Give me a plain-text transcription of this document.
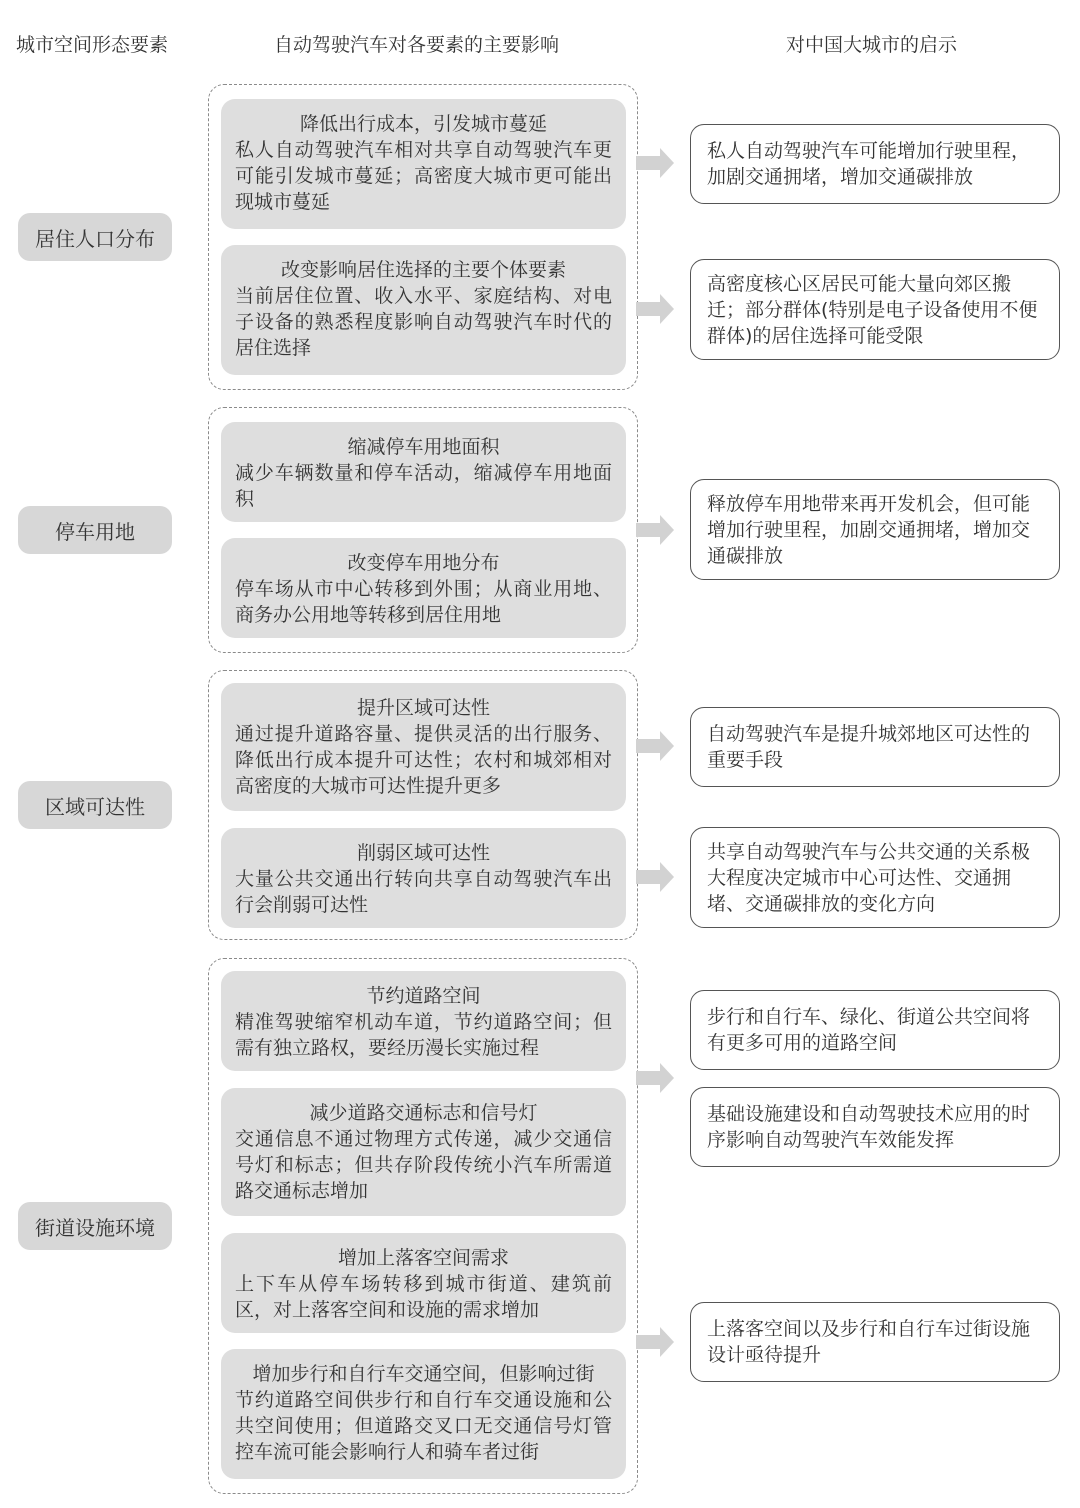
城市空间形态要素	自动驾驶汽车对各要素的主要影响	对中国大城市的启示
居住人口分布
停车用地
区域可达性
街道设施环境
降低出行成本，引发城市蔓延
私人自动驾驶汽车相对共享自动驾驶汽车更可能引发城市蔓延；高密度大城市更可能出现城市蔓延
改变影响居住选择的主要个体要素
当前居住位置、收入水平、家庭结构、对电子设备的熟悉程度影响自动驾驶汽车时代的居住选择
缩减停车用地面积
减少车辆数量和停车活动，缩减停车用地面积
改变停车用地分布
停车场从市中心转移到外围；从商业用地、商务办公用地等转移到居住用地
提升区域可达性
通过提升道路容量、提供灵活的出行服务、降低出行成本提升可达性；农村和城郊相对高密度的大城市可达性提升更多
削弱区域可达性
大量公共交通出行转向共享自动驾驶汽车出行会削弱可达性
节约道路空间
精准驾驶缩窄机动车道，节约道路空间；但需有独立路权，要经历漫长实施过程
减少道路交通标志和信号灯
交通信息不通过物理方式传递，减少交通信号灯和标志；但共存阶段传统小汽车所需道路交通标志增加
增加上落客空间需求
上下车从停车场转移到城市街道、建筑前区，对上落客空间和设施的需求增加
增加步行和自行车交通空间，但影响过街
节约道路空间供步行和自行车交通设施和公共空间使用；但道路交叉口无交通信号灯管控车流可能会影响行人和骑车者过街
私人自动驾驶汽车可能增加行驶里程，加剧交通拥堵，增加交通碳排放
高密度核心区居民可能大量向郊区搬迁；部分群体(特别是电子设备使用不便群体)的居住选择可能受限
释放停车用地带来再开发机会，但可能增加行驶里程，加剧交通拥堵，增加交通碳排放
自动驾驶汽车是提升城郊地区可达性的重要手段
共享自动驾驶汽车与公共交通的关系极大程度决定城市中心可达性、交通拥堵、交通碳排放的变化方向
步行和自行车、绿化、街道公共空间将有更多可用的道路空间
基础设施建设和自动驾驶技术应用的时序影响自动驾驶汽车效能发挥
上落客空间以及步行和自行车过街设施设计亟待提升
